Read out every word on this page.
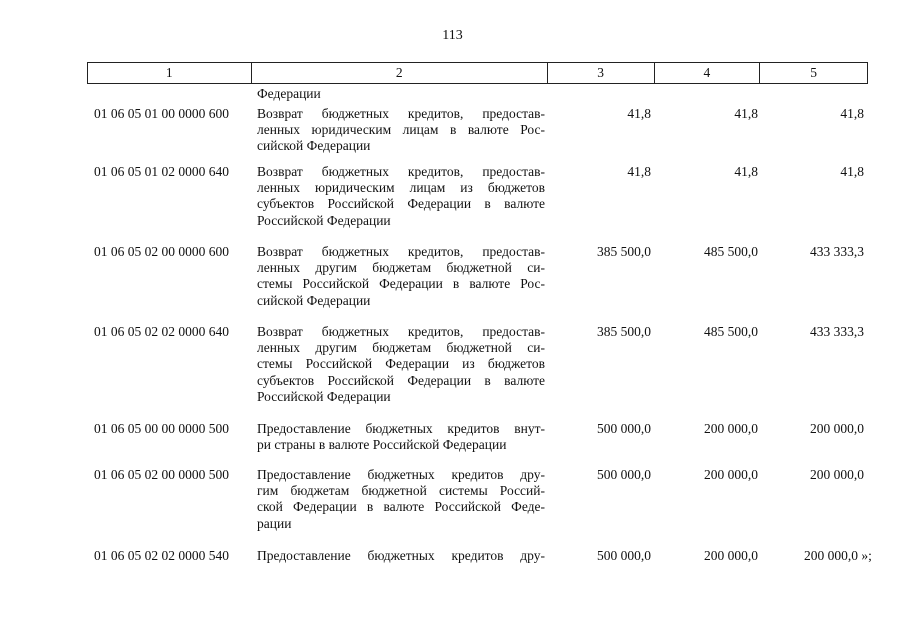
113
1	2	3	4	5
Федерации
01 06 05 01 00 0000 600	Возврат бюджетных кредитов, предостав-
ленных юридическим лицам в валюте Рос-
сийской Федерации
41,8	41,8	41,8
01 06 05 01 02 0000 640	Возврат бюджетных кредитов, предостав-
ленных юридическим лицам из бюджетов
субъектов Российской Федерации в валюте
Российской Федерации
41,8	41,8	41,8
01 06 05 02 00 0000 600	Возврат бюджетных кредитов, предостав-
ленных другим бюджетам бюджетной си-
стемы Российской Федерации в валюте Рос-
сийской Федерации
385 500,0	485 500,0	433 333,3
01 06 05 02 02 0000 640	Возврат бюджетных кредитов, предостав-
ленных другим бюджетам бюджетной си-
стемы Российской Федерации из бюджетов
субъектов Российской Федерации в валюте
Российской Федерации
385 500,0	485 500,0	433 333,3
01 06 05 00 00 0000 500	Предоставление бюджетных кредитов внут-
ри страны в валюте Российской Федерации
500 000,0	200 000,0	200 000,0
01 06 05 02 00 0000 500	Предоставление бюджетных кредитов дру-
гим бюджетам бюджетной системы Россий-
ской Федерации в валюте Российской Феде-
рации
500 000,0	200 000,0	200 000,0
01 06 05 02 02 0000 540	Предоставление бюджетных кредитов дру-	500 000,0	200 000,0	200 000,0 »;
